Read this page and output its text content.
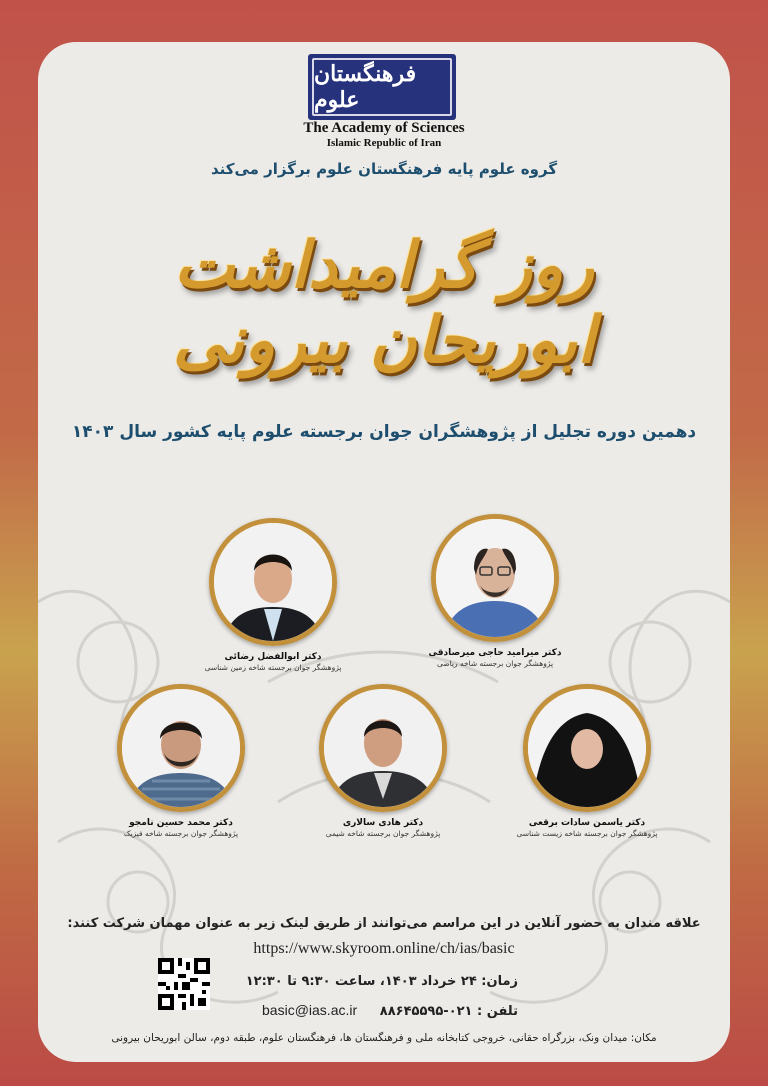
فرهنگستان علوم
The Academy of Sciences
Islamic Republic of Iran
گروه علوم پایه فرهنگستان علوم برگزار می‌کند
روز گرامیداشت ابوریحان بیرونی
دهمین دوره تجلیل از پژوهشگران جوان برجسته علوم پایه کشور سال ۱۴۰۳
دکتر ابوالفضل رضائی
پژوهشگر جوان برجسته شاخه زمین شناسی
دکتر میرامید حاجی میرصادقی
پژوهشگر جوان برجسته شاخه ریاضی
دکتر محمد حسین نامجو
پژوهشگر جوان برجسته شاخه فیزیک
دکتر هادی سالاری
پژوهشگر جوان برجسته شاخه شیمی
دکتر یاسمن سادات برقعی
پژوهشگر جوان برجسته شاخه زیست شناسی
علاقه مندان به حضور آنلاین در این مراسم می‌توانند از طریق لینک زیر به عنوان مهمان شرکت کنند:
https://www.skyroom.online/ch/ias/basic
زمان: ۲۴ خرداد ۱۴۰۳، ساعت ۹:۳۰ تا ۱۲:۳۰
تلفن : ۰۲۱-۸۸۶۴۵۵۹۵     basic@ias.ac.ir
مکان: میدان ونک، بزرگراه حقانی، خروجی کتابخانه ملی و فرهنگستان ها، فرهنگستان علوم، طبقه دوم، سالن ابوریحان بیرونی
